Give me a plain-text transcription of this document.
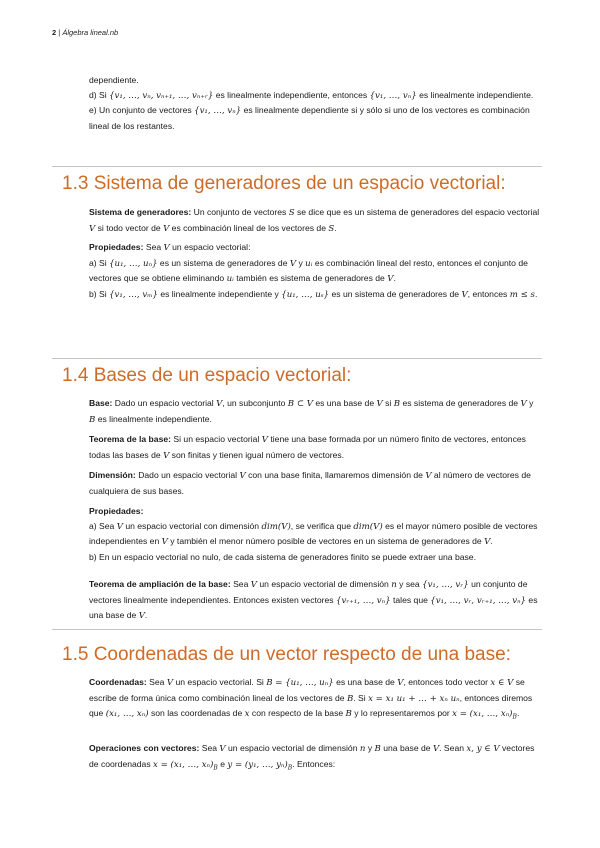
2 | Álgebra lineal.nb
dependiente.
d) Si {v₁, …, vₙ, vₙ₊₁, …, vₙ₊ᵣ} es linealmente independiente, entonces {v₁, …, vₙ} es linealmente independiente.
e) Un conjunto de vectores {v₁, …, vₙ} es linealmente dependiente si y sólo si uno de los vectores es combinación lineal de los restantes.
1.3 Sistema de generadores de un espacio vectorial:
Sistema de generadores: Un conjunto de vectores S se dice que es un sistema de generadores del espacio vectorial V si todo vector de V es combinación lineal de los vectores de S.
Propiedades: Sea V un espacio vectorial:
a) Si {u₁, …, uₙ} es un sistema de generadores de V y uᵢ es combinación lineal del resto, entonces el conjunto de vectores que se obtiene eliminando uᵢ también es sistema de generadores de V.
b) Si {v₁, …, vₘ} es linealmente independiente y {u₁, …, uₛ} es un sistema de generadores de V, entonces m ≤ s.
1.4 Bases de un espacio vectorial:
Base: Dado un espacio vectorial V, un subconjunto B ⊂ V es una base de V si B es sistema de generadores de V y B es linealmente independiente.
Teorema de la base: Si un espacio vectorial V tiene una base formada por un número finito de vectores, entonces todas las bases de V son finitas y tienen igual número de vectores.
Dimensión: Dado un espacio vectorial V con una base finita, llamaremos dimensión de V al número de vectores de cualquiera de sus bases.
Propiedades:
a) Sea V un espacio vectorial con dimensión dim(V), se verifica que dim(V) es el mayor número posible de vectores independientes en V y también el menor número posible de vectores en un sistema de generadores de V.
b) En un espacio vectorial no nulo, de cada sistema de generadores finito se puede extraer una base.
Teorema de ampliación de la base: Sea V un espacio vectorial de dimensión n y sea {v₁, …, vᵣ} un conjunto de vectores linealmente independientes. Entonces existen vectores {vᵣ₊₁, …, vₙ} tales que {v₁, …, vᵣ, vᵣ₊₁, …, vₙ} es una base de V.
1.5 Coordenadas de un vector respecto de una base:
Coordenadas: Sea V un espacio vectorial. Si B = {u₁, …, uₙ} es una base de V, entonces todo vector x ∈ V se escribe de forma única como combinación lineal de los vectores de B. Si x = x₁ u₁ + … + xₙ uₙ, entonces diremos que (x₁, …, xₙ) son las coordenadas de x con respecto de la base B y lo representaremos por x = (x₁, …, $x_n)_B$.
Operaciones con vectores: Sea V un espacio vectorial de dimensión n y B una base de V. Sean x, y ∈ V vectores de coordenadas x = (x₁, …, $x_n)_B$ e y = (y₁, …, $y_n)_B$. Entonces:
